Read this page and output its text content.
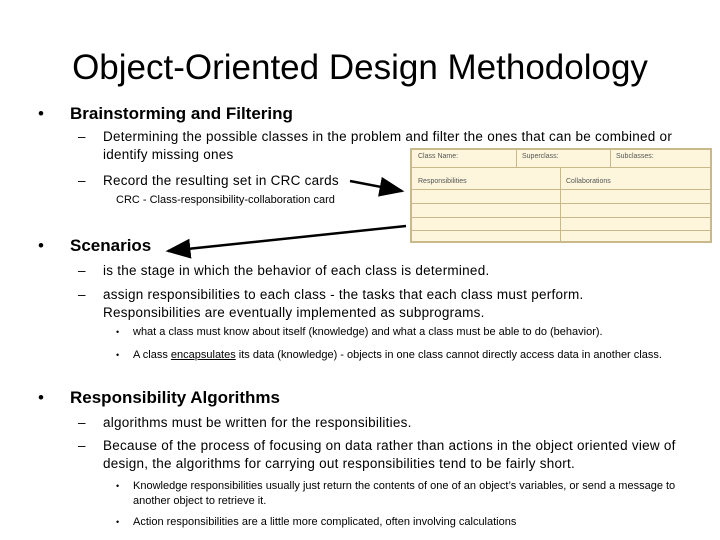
Object-Oriented Design Methodology
• Brainstorming and Filtering
– Determining the possible classes in the problem and filter the ones that can be combined or identify missing ones
– Record the resulting set in CRC cards
CRC - Class-responsibility-collaboration card
Class Name:	Superclass:	Subclasses:
Responsibilities	Collaborations
• Scenarios
– is the stage in which the behavior of each class is determined.
– assign responsibilities to each class - the tasks that each class must perform. Responsibilities are eventually implemented as subprograms.
• what a class must know about itself (knowledge) and what a class must be able to do (behavior).
• A class encapsulates its data (knowledge) - objects in one class cannot directly access data in another class.
• Responsibility Algorithms
– algorithms must be written for the responsibilities.
– Because of the process of focusing on data rather than actions in the object oriented view of design, the algorithms for carrying out responsibilities tend to be fairly short.
• Knowledge responsibilities usually just return the contents of one of an object’s variables, or send a message to another object to retrieve it.
• Action responsibilities are a little more complicated, often involving calculations
